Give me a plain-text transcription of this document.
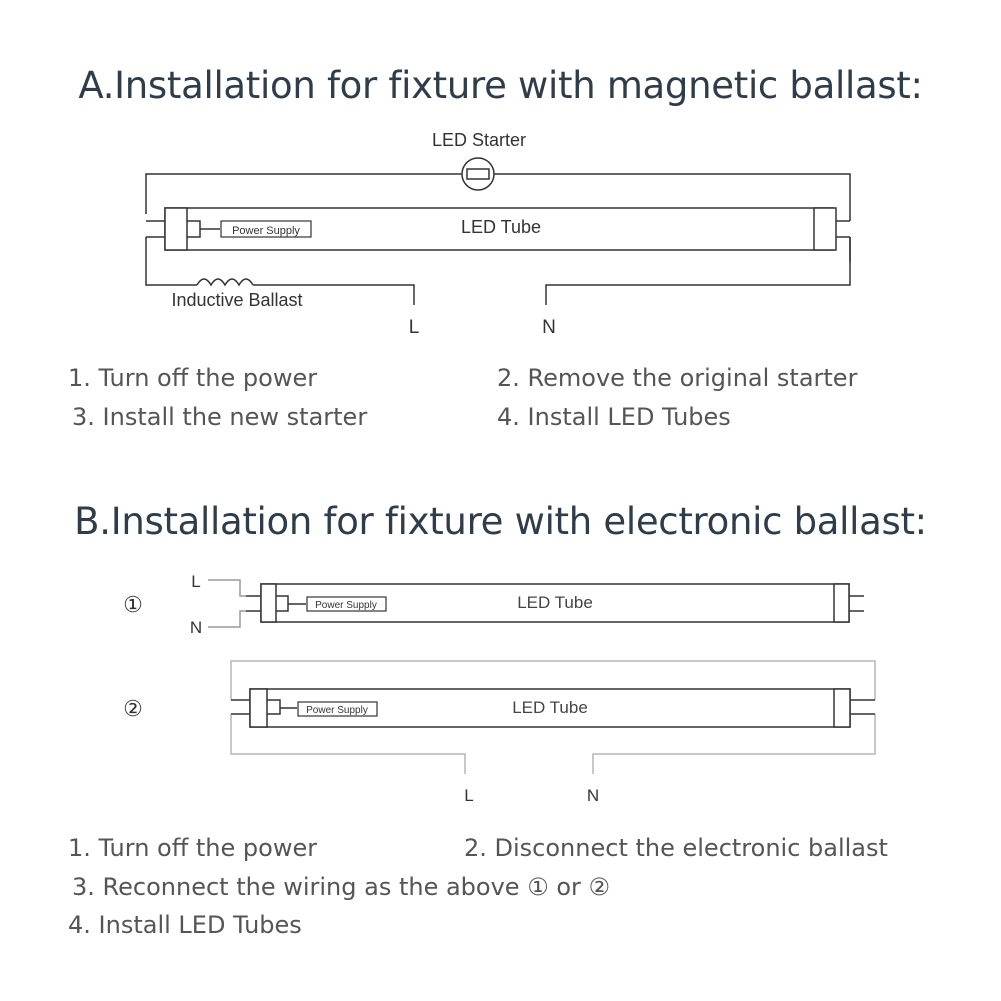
A.Installation for fixture with magnetic ballast:
LED Starter
LED Tube
Power Supply
Inductive Ballast
L	N
①
L
N
LED Tube
Power Supply
②	LED Tube
Power Supply
L	N
1. Turn off the power	2. Remove the original starter
3. Install the new starter	4. Install LED Tubes
B.Installation for fixture with electronic ballast:
1. Turn off the power	2. Disconnect the electronic ballast
3. Reconnect the wiring as the above ① or ②
4. Install LED Tubes
